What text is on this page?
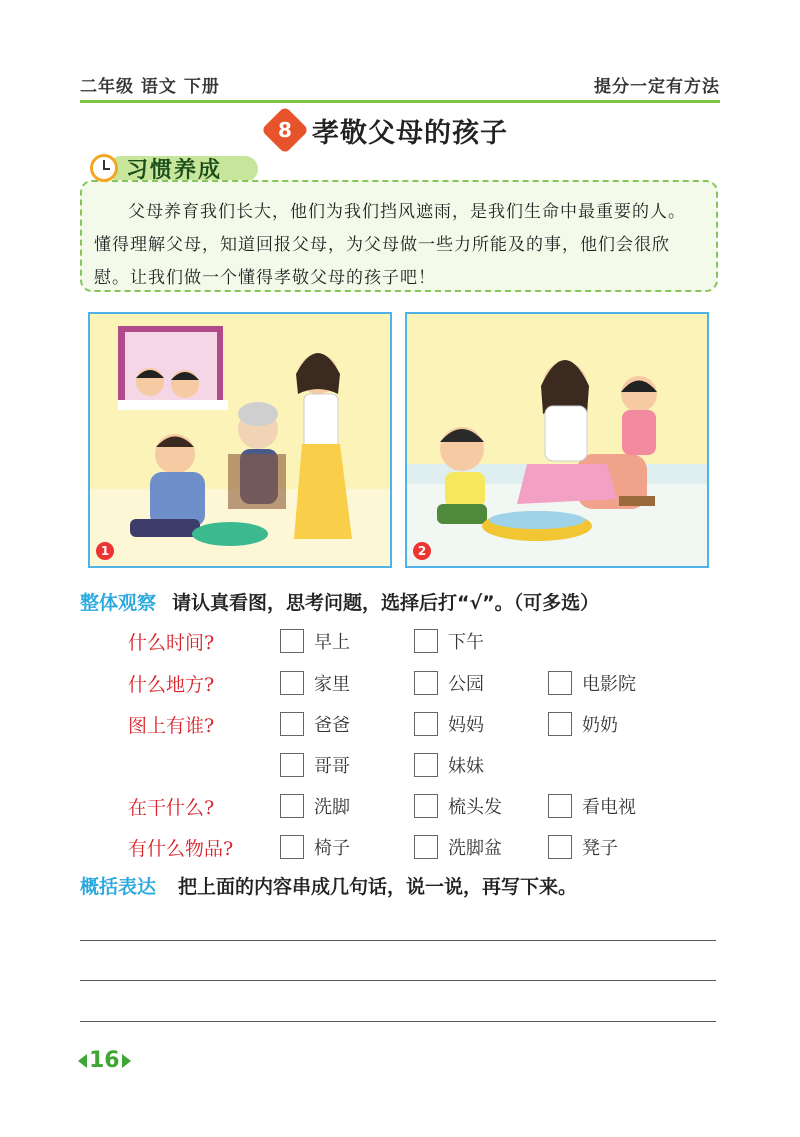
二年级 语文 下册	提分一定有方法
8 孝敬父母的孩子
习惯养成
父母养育我们长大，他们为我们挡风遮雨，是我们生命中最重要的人。懂得理解父母，知道回报父母，为父母做一些力所能及的事，他们会很欣慰。让我们做一个懂得孝敬父母的孩子吧！
1	2
整体观察 请认真看图，思考问题，选择后打“√”。（可多选）
什么时间?	早上	下午
什么地方?	家里	公园	电影院
图上有谁?	爸爸	妈妈	奶奶
哥哥	妹妹
在干什么?	洗脚	梳头发	看电视
有什么物品?	椅子	洗脚盆	凳子
概括表达 把上面的内容串成几句话，说一说，再写下来。
16
